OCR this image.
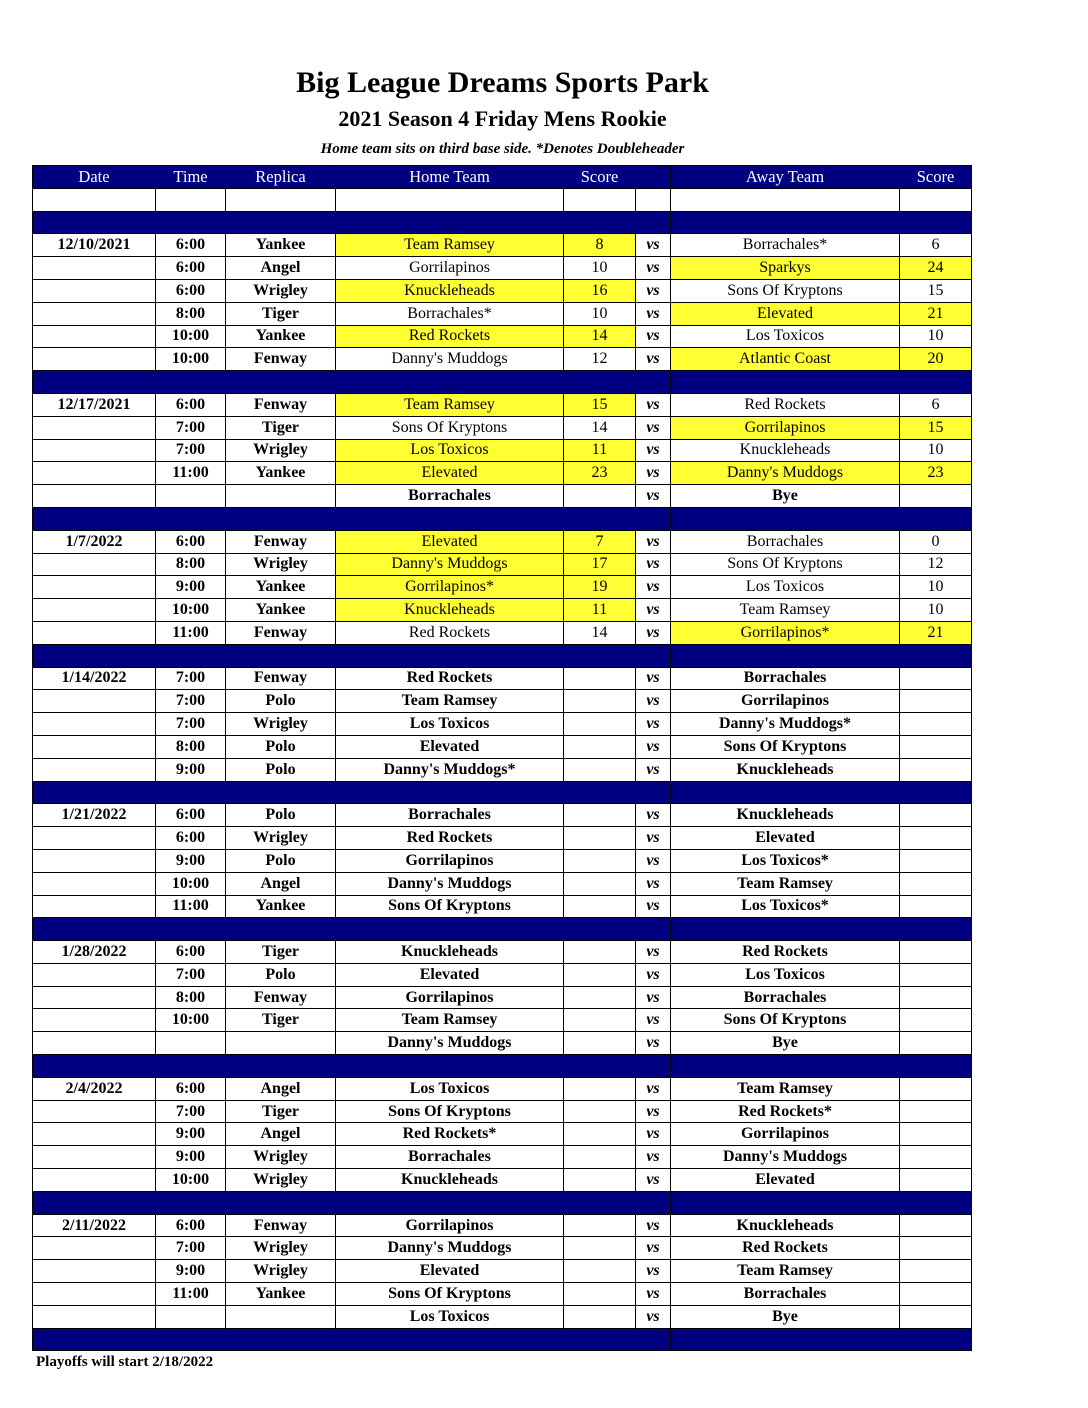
Big League Dreams Sports Park
2021 Season 4 Friday Mens Rookie
Home team sits on third base side. *Denotes Doubleheader
Date	Time	Replica	Home Team	Score		Away Team	Score

12/10/2021	6:00	Yankee	Team Ramsey	8	vs	Borrachales*	6
	6:00	Angel	Gorrilapinos	10	vs	Sparkys	24
	6:00	Wrigley	Knuckleheads	16	vs	Sons Of Kryptons	15
	8:00	Tiger	Borrachales*	10	vs	Elevated	21
	10:00	Yankee	Red Rockets	14	vs	Los Toxicos	10
	10:00	Fenway	Danny's Muddogs	12	vs	Atlantic Coast	20

12/17/2021	6:00	Fenway	Team Ramsey	15	vs	Red Rockets	6
	7:00	Tiger	Sons Of Kryptons	14	vs	Gorrilapinos	15
	7:00	Wrigley	Los Toxicos	11	vs	Knuckleheads	10
	11:00	Yankee	Elevated	23	vs	Danny's Muddogs	23
			Borrachales		vs	Bye	

1/7/2022	6:00	Fenway	Elevated	7	vs	Borrachales	0
	8:00	Wrigley	Danny's Muddogs	17	vs	Sons Of Kryptons	12
	9:00	Yankee	Gorrilapinos*	19	vs	Los Toxicos	10
	10:00	Yankee	Knuckleheads	11	vs	Team Ramsey	10
	11:00	Fenway	Red Rockets	14	vs	Gorrilapinos*	21

1/14/2022	7:00	Fenway	Red Rockets		vs	Borrachales	
	7:00	Polo	Team Ramsey		vs	Gorrilapinos	
	7:00	Wrigley	Los Toxicos		vs	Danny's Muddogs*	
	8:00	Polo	Elevated		vs	Sons Of Kryptons	
	9:00	Polo	Danny's Muddogs*		vs	Knuckleheads	

1/21/2022	6:00	Polo	Borrachales		vs	Knuckleheads	
	6:00	Wrigley	Red Rockets		vs	Elevated	
	9:00	Polo	Gorrilapinos		vs	Los Toxicos*	
	10:00	Angel	Danny's Muddogs		vs	Team Ramsey	
	11:00	Yankee	Sons Of Kryptons		vs	Los Toxicos*	

1/28/2022	6:00	Tiger	Knuckleheads		vs	Red Rockets	
	7:00	Polo	Elevated		vs	Los Toxicos	
	8:00	Fenway	Gorrilapinos		vs	Borrachales	
	10:00	Tiger	Team Ramsey		vs	Sons Of Kryptons	
			Danny's Muddogs		vs	Bye	

2/4/2022	6:00	Angel	Los Toxicos		vs	Team Ramsey	
	7:00	Tiger	Sons Of Kryptons		vs	Red Rockets*	
	9:00	Angel	Red Rockets*		vs	Gorrilapinos	
	9:00	Wrigley	Borrachales		vs	Danny's Muddogs	
	10:00	Wrigley	Knuckleheads		vs	Elevated	

2/11/2022	6:00	Fenway	Gorrilapinos		vs	Knuckleheads	
	7:00	Wrigley	Danny's Muddogs		vs	Red Rockets	
	9:00	Wrigley	Elevated		vs	Team Ramsey	
	11:00	Yankee	Sons Of Kryptons		vs	Borrachales	
			Los Toxicos		vs	Bye	

Playoffs will start 2/18/2022
